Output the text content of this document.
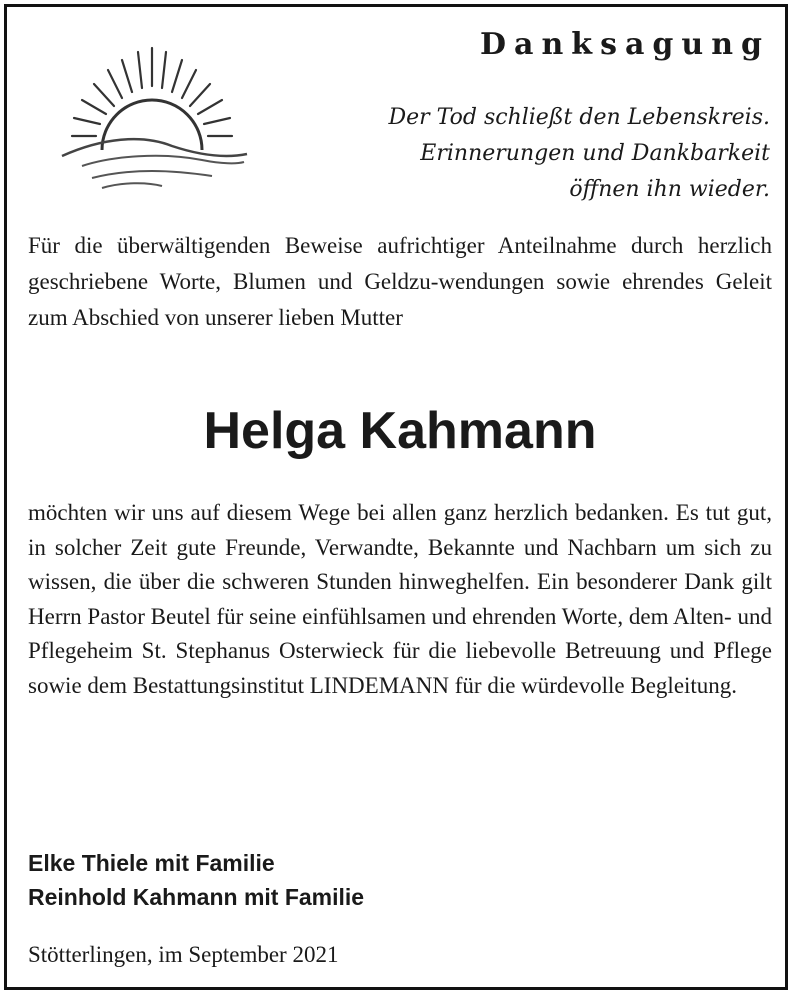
Danksagung
Der Tod schließt den Lebenskreis.
Erinnerungen und Dankbarkeit
öffnen ihn wieder.

Für die überwältigenden Beweise aufrichtiger Anteilnahme durch herzlich geschriebene Worte, Blumen und Geldzu-wendungen sowie ehrendes Geleit zum Abschied von unserer lieben Mutter

Helga Kahmann

möchten wir uns auf diesem Wege bei allen ganz herzlich bedanken. Es tut gut, in solcher Zeit gute Freunde, Verwandte, Bekannte und Nachbarn um sich zu wissen, die über die schweren Stunden hinweghelfen. Ein besonderer Dank gilt Herrn Pastor Beutel für seine einfühlsamen und ehrenden Worte, dem Alten- und Pflegeheim St. Stephanus Osterwieck für die liebevolle Betreuung und Pflege sowie dem Bestattungsinstitut LINDEMANN für die würdevolle Begleitung.

Elke Thiele mit Familie
Reinhold Kahmann mit Familie
Stötterlingen, im September 2021
